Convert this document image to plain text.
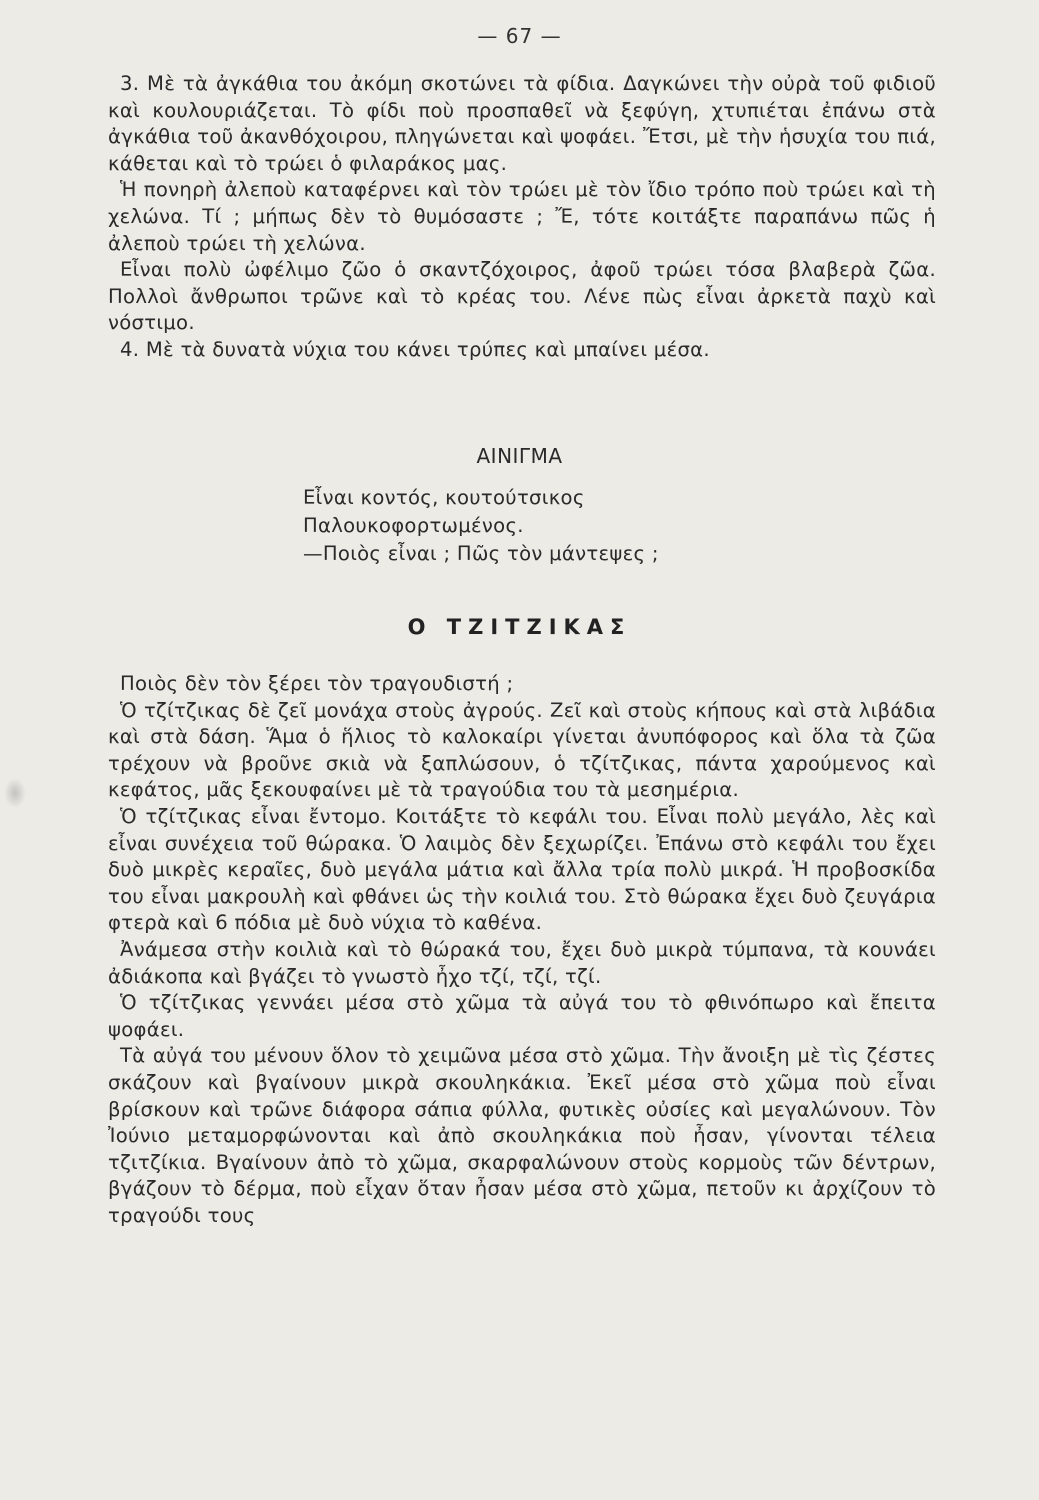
— 67 —

3. Μὲ τὰ ἀγκάθια του ἀκόμη σκοτώνει τὰ φίδια. Δαγκώνει τὴν οὐρὰ τοῦ φιδιοῦ καὶ κουλουριάζεται. Τὸ φίδι ποὺ προσπαθεῖ νὰ ξεφύγη, χτυπιέται ἐπάνω στὰ ἀγκάθια τοῦ ἀκανθόχοιρου, πληγώνεται καὶ ψοφάει. Ἔτσι, μὲ τὴν ἡσυχία του πιά, κάθεται καὶ τὸ τρώει ὁ φιλαράκος μας.

Ἡ πονηρὴ ἀλεποὺ καταφέρνει καὶ τὸν τρώει μὲ τὸν ἴδιο τρόπο ποὺ τρώει καὶ τὴ χελώνα. Τί ; μήπως δὲν τὸ θυμόσαστε ; Ἔ, τότε κοιτάξτε παραπάνω πῶς ἡ ἀλεποὺ τρώει τὴ χελώνα.

Εἶναι πολὺ ὠφέλιμο ζῶο ὁ σκαντζόχοιρος, ἀφοῦ τρώει τόσα βλαβερὰ ζῶα. Πολλοὶ ἄνθρωποι τρῶνε καὶ τὸ κρέας του. Λένε πὼς εἶναι ἀρκετὰ παχὺ καὶ νόστιμο.

4. Μὲ τὰ δυνατὰ νύχια του κάνει τρύπες καὶ μπαίνει μέσα.

ΑΙΝΙΓΜΑ
Εἶναι κοντός, κουτούτσικος
Παλουκοφορτωμένος.
—Ποιὸς εἶναι ; Πῶς τὸν μάντεψες ;
Ο ΤΖΙΤΖΙΚΑΣ

Ποιὸς δὲν τὸν ξέρει τὸν τραγουδιστή ;

Ὁ τζίτζικας δὲ ζεῖ μονάχα στοὺς ἀγρούς. Ζεῖ καὶ στοὺς κήπους καὶ στὰ λιβάδια καὶ στὰ δάση. Ἅμα ὁ ἥλιος τὸ καλοκαίρι γίνεται ἀνυπόφορος καὶ ὅλα τὰ ζῶα τρέχουν νὰ βροῦνε σκιὰ νὰ ξαπλώσουν, ὁ τζίτζικας, πάντα χαρούμενος καὶ κεφάτος, μᾶς ξεκουφαίνει μὲ τὰ τραγούδια του τὰ μεσημέρια.

Ὁ τζίτζικας εἶναι ἔντομο. Κοιτάξτε τὸ κεφάλι του. Εἶναι πολὺ μεγάλο, λὲς καὶ εἶναι συνέχεια τοῦ θώρακα. Ὁ λαιμὸς δὲν ξεχωρίζει. Ἐπάνω στὸ κεφάλι του ἔχει δυὸ μικρὲς κεραῖες, δυὸ μεγάλα μάτια καὶ ἄλλα τρία πολὺ μικρά. Ἡ προβοσκίδα του εἶναι μακρουλὴ καὶ φθάνει ὡς τὴν κοιλιά του. Στὸ θώρακα ἔχει δυὸ ζευγάρια φτερὰ καὶ 6 πόδια μὲ δυὸ νύχια τὸ καθένα.

Ἀνάμεσα στὴν κοιλιὰ καὶ τὸ θώρακά του, ἔχει δυὸ μικρὰ τύμπανα, τὰ κουνάει ἀδιάκοπα καὶ βγάζει τὸ γνωστὸ ἦχο τζί, τζί, τζί.

Ὁ τζίτζικας γεννάει μέσα στὸ χῶμα τὰ αὐγά του τὸ φθινόπωρο καὶ ἔπειτα ψοφάει.

Τὰ αὐγά του μένουν ὅλον τὸ χειμῶνα μέσα στὸ χῶμα. Τὴν ἄνοιξη μὲ τὶς ζέστες σκάζουν καὶ βγαίνουν μικρὰ σκουληκάκια. Ἐκεῖ μέσα στὸ χῶμα ποὺ εἶναι βρίσκουν καὶ τρῶνε διάφορα σάπια φύλλα, φυτικὲς οὐσίες καὶ μεγαλώνουν. Τὸν Ἰούνιο μεταμορφώνονται καὶ ἀπὸ σκουληκάκια ποὺ ἦσαν, γίνονται τέλεια τζιτζίκια. Βγαίνουν ἀπὸ τὸ χῶμα, σκαρφαλώνουν στοὺς κορμοὺς τῶν δέντρων, βγάζουν τὸ δέρμα, ποὺ εἶχαν ὅταν ἦσαν μέσα στὸ χῶμα, πετοῦν κι ἀρχίζουν τὸ τραγούδι τους
